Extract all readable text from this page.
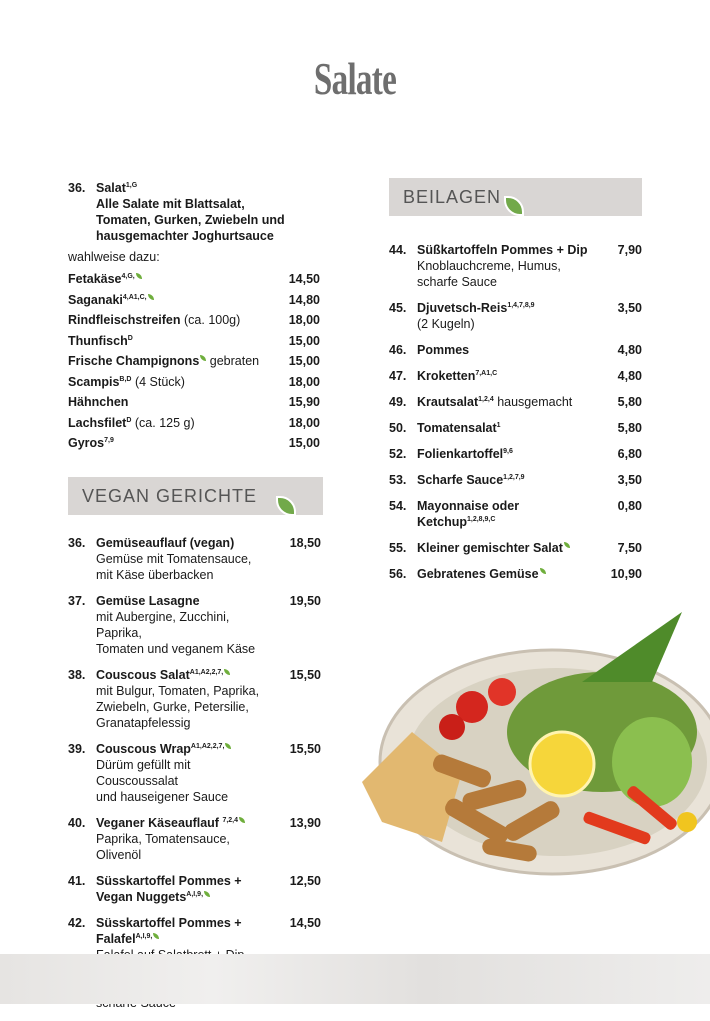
Salate
36. Salat$^{1,G}$
Alle Salate mit Blattsalat,
Tomaten, Gurken, Zwiebeln und
hausgemachter Joghurtsauce
wahlweise dazu:
Fetakäse$^{4,G,}$	14,50
Saganaki$^{4,A1,C,}$	14,80
Rindfleischstreifen (ca. 100g)	18,00
Thunfisch$^D$	15,00
Frische Champignons gebraten 15,00
Scampis$^{B,D}$ (4 Stück)	18,00
Hähnchen	15,90
Lachsfilet$^D$ (ca. 125 g)	18,00
Gyros$^{7,9}$	15,00
VEGAN GERICHTE
36. Gemüseauflauf (vegan)
Gemüse mit Tomatensauce,
mit Käse überbacken

18,50
37. Gemüse Lasagne
mit Aubergine, Zucchini, Paprika,
Tomaten und veganem Käse

19,50
38. Couscous Salat$^{A1,A2,2,7,}$
mit Bulgur, Tomaten, Paprika,
Zwiebeln, Gurke, Petersilie,
Granatapfelessig

15,50
39. Couscous Wrap$^{A1,A2,2,7,}$
Dürüm gefüllt mit Couscoussalat
und hauseigener Sauce

15,50
40. Veganer Käseauflauf $^{7,2,4}$
Paprika, Tomatensauce, Olivenöl

13,90
41. Süsskartoffel Pommes +
Vegan Nuggets$^{A,I,9,}$

12,50
42. Süsskartoffel Pommes +
Falafel$^{A,I,9,}$

14,50
BEILAGEN
44. Süßkartoffeln Pommes + Dip
Knoblauchcreme, Humus,
scharfe Sauce

7,90
45. Djuvetsch-Reis$^{1,4,7,8,9}$
(2 Kugeln)

3,50
46. Pommes	4,80
47. Kroketten$^{7,A1,C}$	4,80
49. Krautsalat$^{1,2,4}$ hausgemacht	5,80
50. Tomatensalat$^1$	5,80
52. Folienkartoffel$^{9,6}$	6,80
53. Scharfe Sauce$^{1,2,7,9}$	3,50
54. Mayonnaise oder
Ketchup$^{1,2,8,9,C}$

0,80
55. Kleiner gemischter Salat	7,50
56. Gebratenes Gemüse	10,90
